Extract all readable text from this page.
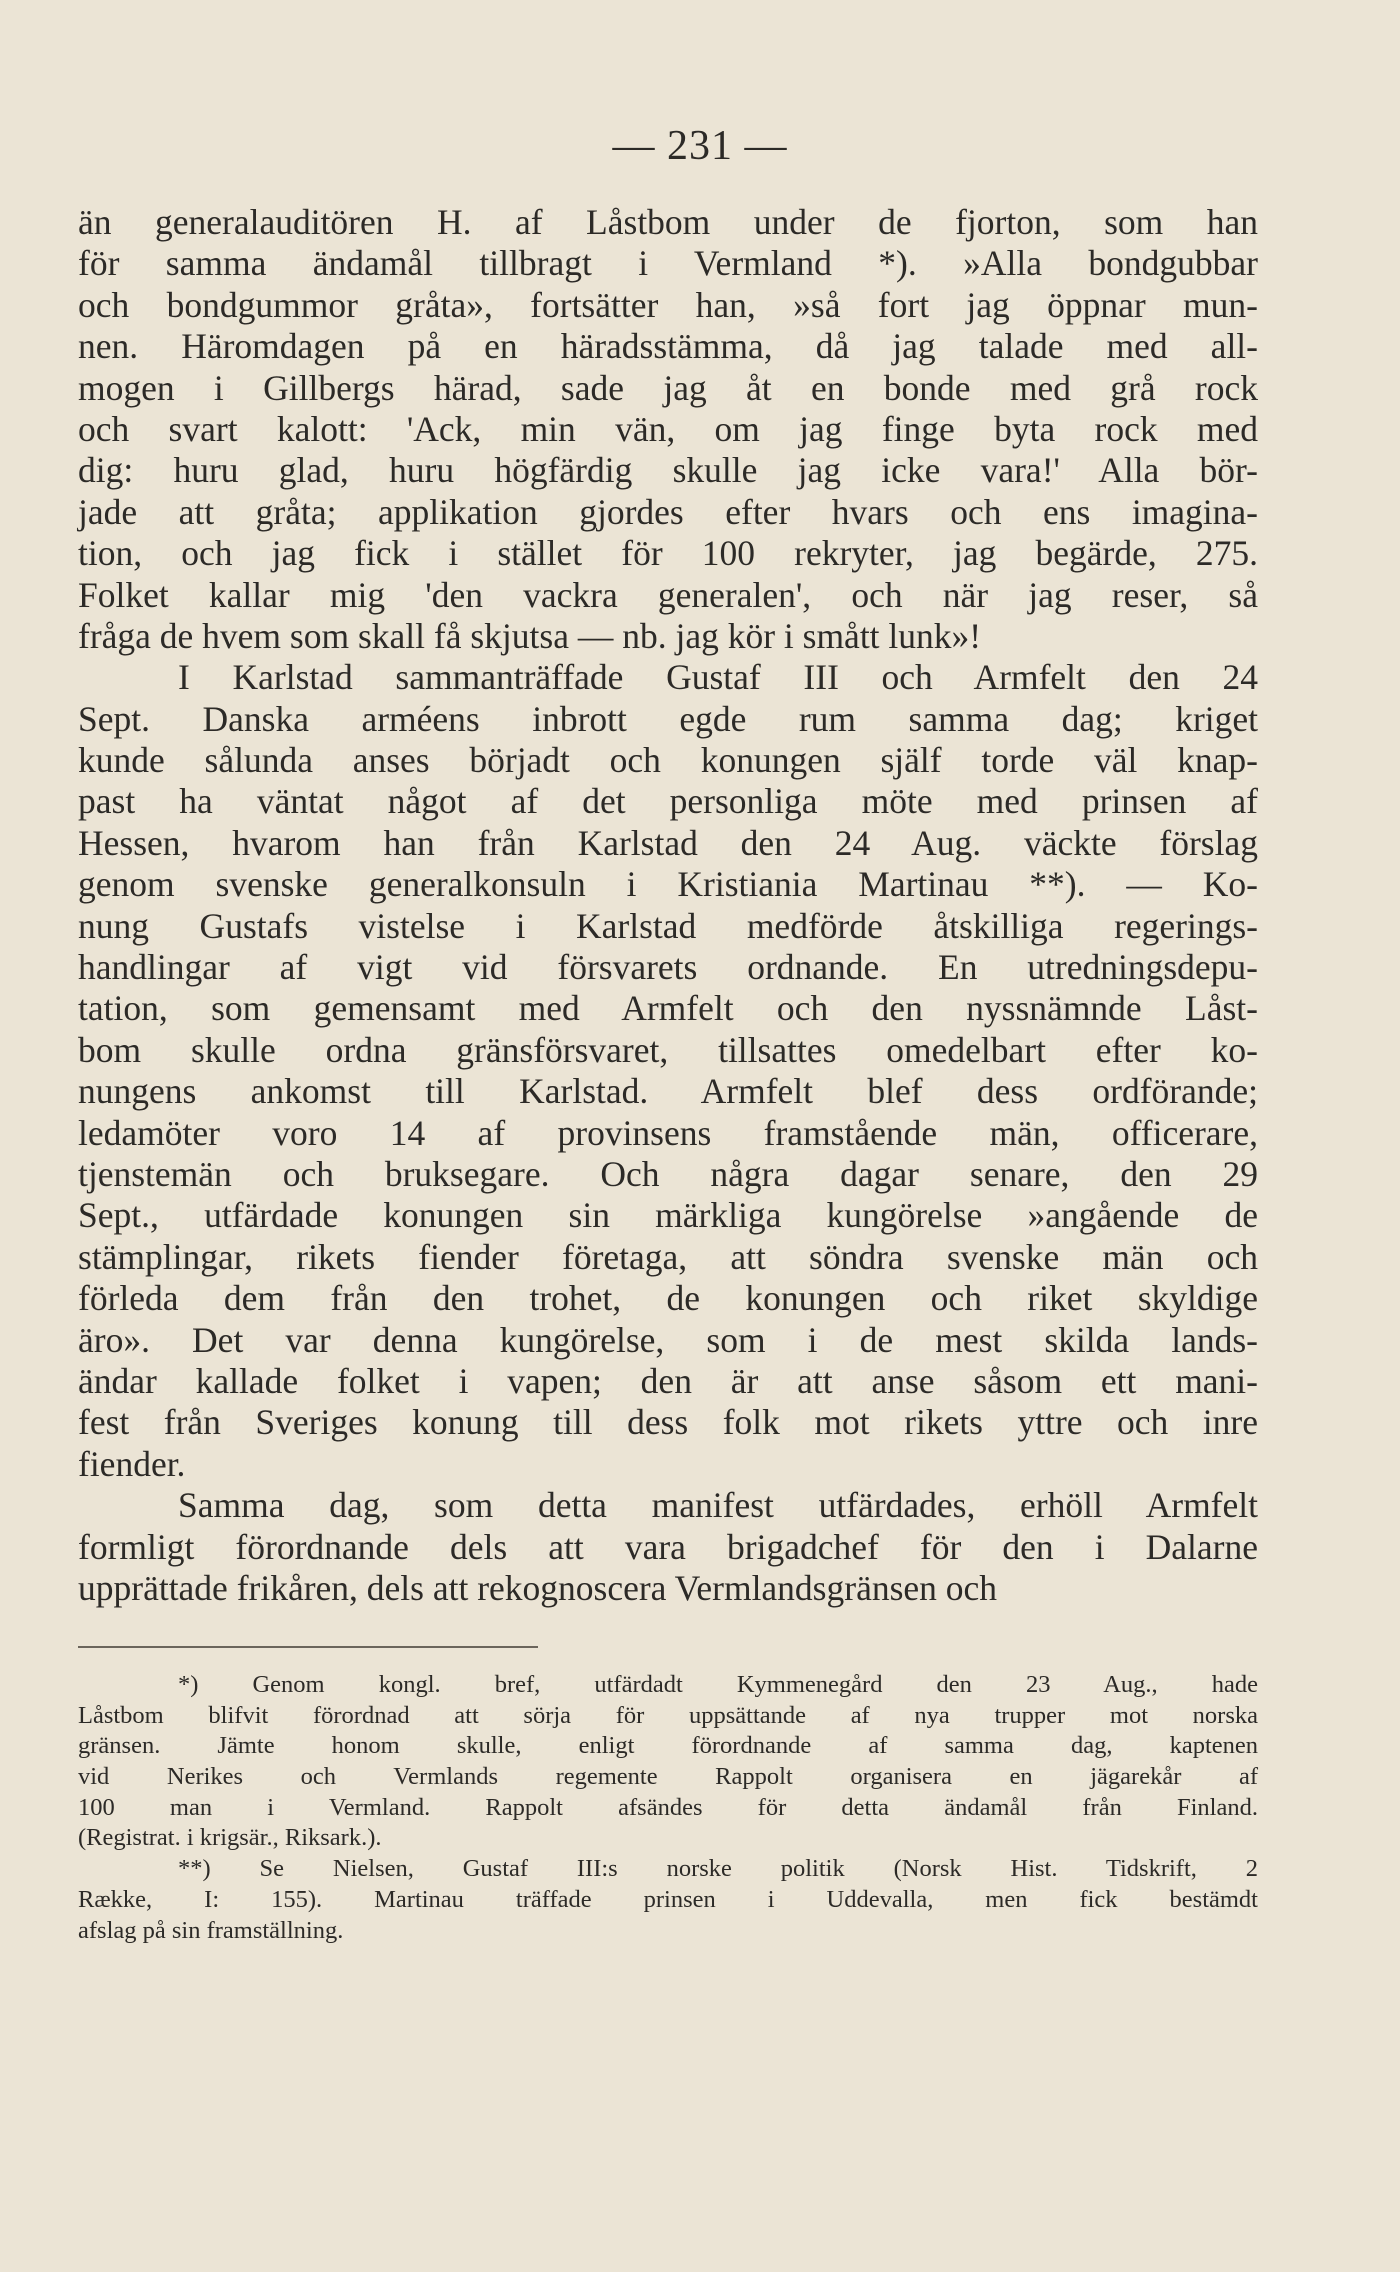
— 231 —
än generalauditören H. af Låstbom under de fjorton, som han
för samma ändamål tillbragt i Vermland *). »Alla bondgubbar
och bondgummor gråta», fortsätter han, »så fort jag öppnar mun-
nen. Häromdagen på en häradsstämma, då jag talade med all-
mogen i Gillbergs härad, sade jag åt en bonde med grå rock
och svart kalott: 'Ack, min vän, om jag finge byta rock med
dig: huru glad, huru högfärdig skulle jag icke vara!' Alla bör-
jade att gråta; applikation gjordes efter hvars och ens imagina-
tion, och jag fick i stället för 100 rekryter, jag begärde, 275.
Folket kallar mig 'den vackra generalen', och när jag reser, så
fråga de hvem som skall få skjutsa — nb. jag kör i smått lunk»!
I Karlstad sammanträffade Gustaf III och Armfelt den 24
Sept. Danska arméens inbrott egde rum samma dag; kriget
kunde sålunda anses börjadt och konungen själf torde väl knap-
past ha väntat något af det personliga möte med prinsen af
Hessen, hvarom han från Karlstad den 24 Aug. väckte förslag
genom svenske generalkonsuln i Kristiania Martinau **). — Ko-
nung Gustafs vistelse i Karlstad medförde åtskilliga regerings-
handlingar af vigt vid försvarets ordnande. En utredningsdepu-
tation, som gemensamt med Armfelt och den nyssnämnde Låst-
bom skulle ordna gränsförsvaret, tillsattes omedelbart efter ko-
nungens ankomst till Karlstad. Armfelt blef dess ordförande;
ledamöter voro 14 af provinsens framstående män, officerare,
tjenstemän och bruksegare. Och några dagar senare, den 29
Sept., utfärdade konungen sin märkliga kungörelse »angående de
stämplingar, rikets fiender företaga, att söndra svenske män och
förleda dem från den trohet, de konungen och riket skyldige
äro». Det var denna kungörelse, som i de mest skilda lands-
ändar kallade folket i vapen; den är att anse såsom ett mani-
fest från Sveriges konung till dess folk mot rikets yttre och inre
fiender.
Samma dag, som detta manifest utfärdades, erhöll Armfelt
formligt förordnande dels att vara brigadchef för den i Dalarne
upprättade frikåren, dels att rekognoscera Vermlandsgränsen och
*) Genom kongl. bref, utfärdadt Kymmenegård den 23 Aug., hade
Låstbom blifvit förordnad att sörja för uppsättande af nya trupper mot norska
gränsen. Jämte honom skulle, enligt förordnande af samma dag, kaptenen
vid Nerikes och Vermlands regemente Rappolt organisera en jägarekår af
100 man i Vermland. Rappolt afsändes för detta ändamål från Finland.
(Registrat. i krigsär., Riksark.).
**) Se Nielsen, Gustaf III:s norske politik (Norsk Hist. Tidskrift, 2
Række, I: 155). Martinau träffade prinsen i Uddevalla, men fick bestämdt
afslag på sin framställning.
